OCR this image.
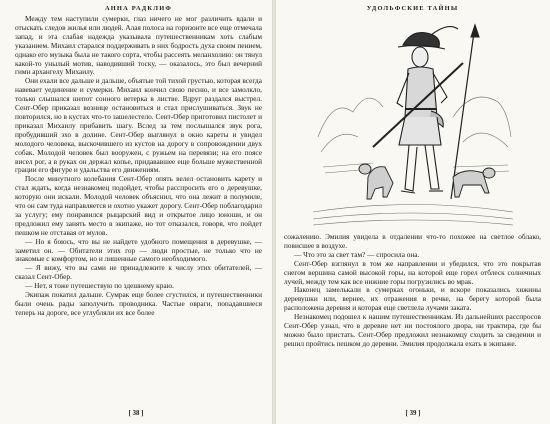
АННА РАДКЛИФ

Между тем наступили сумерки, глаз ничего не мог различить вдали и отыскать следов жилья или людей. Алая полоса на горизонте все еще отмечала запад, и эта слабая надежда указывала путешественникам хоть слабым указанием. Михаил старался поддерживать в них бодрость духа своим пением, однако его музыка была не такого сорта, чтобы рассеять меланхолию: он тянул какой-то унылый мотив, наводивший тоску, — оказалось, это был вечерний гимн архангелу Михаилу.

Они ехали все дальше и дальше, объятые той тихой грустью, которая всегда навевает уединение и сумерки. Михаил кончил свою песню, и все замолкло, только слышался шепот сонного ветерка в листве. Вдруг раздался выстрел. Сент-Обер приказал вознице остановиться и стал прислушиваться. Звук не повторился, но в кустах что-то зашелестело. Сент-Обер приготовил пистолет и приказал Михаилу прибавить шагу. Вслед за тем послышался звук рога, пробудивший эхо в долине. Сент-Обер выглянул в окно кареты и увидел молодого человека, выскочившего из кустов на дорогу в сопровождении двух собак. Молодой человек был вооружен, с ружьем на перевязи; на его поясе висел рог, а в руках он держал копье, придававшее еще больше мужественной грации его фигуре и удальства его движениям.

После минутного колебания Сент-Обер опять велел остановить карету и стал ждать, когда незнакомец подойдет, чтобы расспросить его о деревушке, которую они искали. Молодой человек объяснил, что она лежит в полумиле, что он сам туда направляется и охотно укажет дорогу. Сент-Обер поблагодарил за услугу; ему понравился рыцарский вид и открытое лицо юноши, и он предложил ему занять место в экипаже, но тот отказался, говоря, что пойдет пешком не отставая от мулов.

— Но я боюсь, что вы не найдете удобного помещения в деревушке, — заметил он. — Обитатели этих гор — люди простые, не только что не знакомые с комфортом, но и лишенные самого необходимого.

— Я вижу, что вы сами не принадлежите к числу этих обитателей, — сказал Сент-Обер.

— Нет, я тоже путешествую по здешнему краю.

Экипаж покатил дальше. Сумрак еще более сгустился, и путешественники были очень рады заполучить проводника. Частые овраги, попадавшиеся теперь на дороге, все углубляли их все более

[ 38 ]
УДОЛЬФСКИЕ ТАЙНЫ

сожалению. Эмилия увидела в отдалении что-то похожее на светлое облако, повисшее в воздухе.

— Что это за свет там? — спросила она.

Сент-Обер взглянул в том же направлении и убедился, что это покрытая снегом вершина самой высокой горы, на которой еще горел отблеск солнечных лучей, между тем как все нижние горы погрузились во мрак.

Наконец замелькали в сумерках огоньки, и вскоре показались хижины деревушки или, вернее, их отражения в речке, на берегу которой была расположена деревня и которая еще светлела лучами заката.

Незнакомец подошел к нашим путешественникам. Из дальнейших расспросов Сент-Обер узнал, что в деревне нет ни постоялого двора, ни трактира, где бы можно было пристать. Сент-Обер предложил незнакомцу сходить за сведении и решил пройтись пешком до деревни. Эмилия продолжала ехать в экипаже.

[ 39 ]
